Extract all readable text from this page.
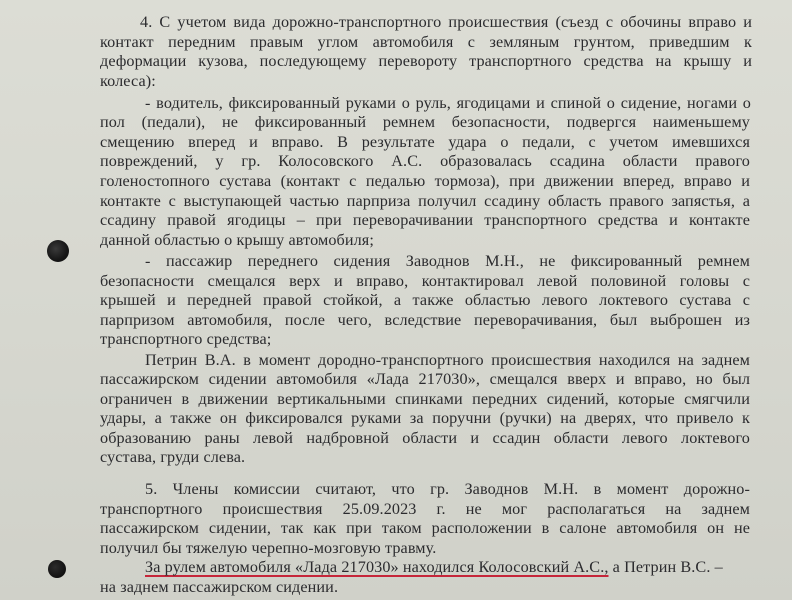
4. С учетом вида дорожно-транспортного происшествия (съезд с обочины вправо и
контакт передним правым углом автомобиля с земляным грунтом, приведшим к
деформации кузова, последующему перевороту транспортного средства на крышу и
колеса):
- водитель, фиксированный руками о руль, ягодицами и спиной о сидение, ногами о
пол (педали), не фиксированный ремнем безопасности, подвергся наименьшему
смещению вперед и вправо. В результате удара о педали, с учетом имевшихся
повреждений, у гр. Колосовского А.С. образовалась ссадина области правого
голеностопного сустава (контакт с педалью тормоза), при движении вперед, вправо и
контакте с выступающей частью парприза получил ссадину область правого запястья, а
ссадину правой ягодицы – при переворачивании транспортного средства и контакте
данной областью о крышу автомобиля;
- пассажир переднего сидения Заводнов М.Н., не фиксированный ремнем
безопасности смещался верх и вправо, контактировал левой половиной головы с
крышей и передней правой стойкой, а также областью левого локтевого сустава с
парпризом автомобиля, после чего, вследствие переворачивания, был выброшен из
транспортного средства;
Петрин В.А. в момент дородно-транспортного происшествия находился на заднем
пассажирском сидении автомобиля «Лада 217030», смещался вверх и вправо, но был
ограничен в движении вертикальными спинками передних сидений, которые смягчили
удары, а также он фиксировался руками за поручни (ручки) на дверях, что привело к
образованию раны левой надбровной области и ссадин области левого локтевого
сустава, груди слева.
5. Члены комиссии считают, что гр. Заводнов М.Н. в момент дорожно-
транспортного происшествия 25.09.2023 г. не мог располагаться на заднем
пассажирском сидении, так как при таком расположении в салоне автомобиля он не
получил бы тяжелую черепно-мозговую травму.
За рулем автомобиля «Лада 217030» находился Колосовский А.С., а Петрин В.С. –
на заднем пассажирском сидении.
